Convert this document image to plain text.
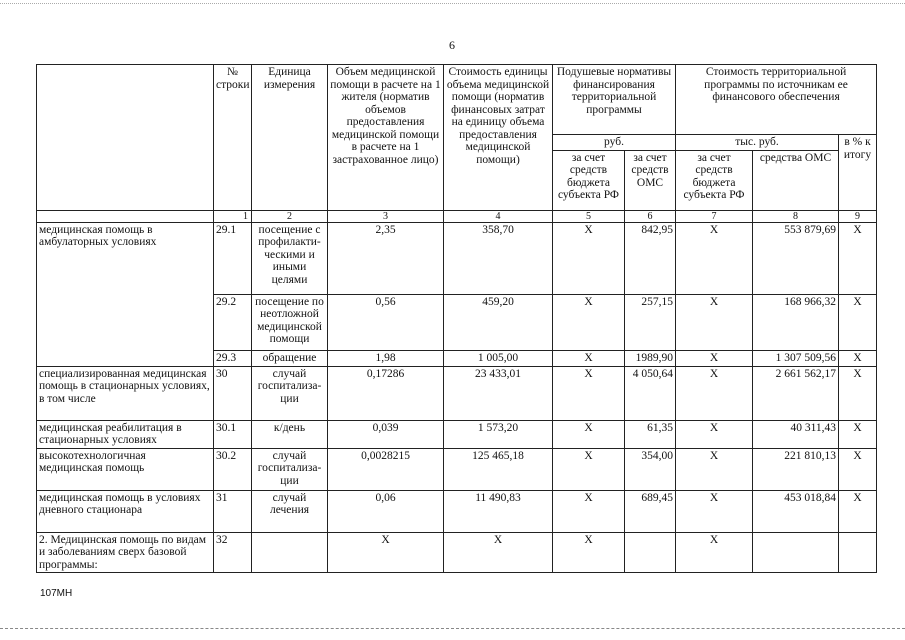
6
	№ строки	Единица измерения	Объем медицинской помощи в расчете на 1 жителя (норматив объемов предоставления медицинской помощи в расчете на 1 застрахованное лицо)	Стоимость единицы объема медицинской помощи (норматив финансовых затрат на единицу объема предоставления медицинской помощи)	Подушевые нормативы финансирования территориальной программы		Стоимость территориальной программы по источникам ее финансового обеспечения		
					руб.		тыс. руб.		в % к итогу
					за счет средств бюджета субъекта РФ	за счет средств ОМС	за счет средств бюджета субъекта РФ	средства ОМС	
	1	2	3	4	5	6	7	8	9
медицинская помощь в амбулаторных условиях	29.1	посещение с профилакти-ческими и иными целями	2,35	358,70	Х	842,95	Х	553 879,69	Х
	29.2	посещение по неотложной медицинской помощи	0,56	459,20	Х	257,15	Х	168 966,32	Х
	29.3	обращение	1,98	1 005,00	Х	1989,90	Х	1 307 509,56	Х
специализированная медицинская помощь в стационарных условиях, в том числе	30	случай госпитализа-ции	0,17286	23 433,01	Х	4 050,64	Х	2 661 562,17	Х
медицинская реабилитация в стационарных условиях	30.1	к/день	0,039	1 573,20	Х	61,35	Х	40 311,43	Х
высокотехнологичная медицинская помощь	30.2	случай госпитализа-ции	0,0028215	125 465,18	Х	354,00	Х	221 810,13	Х
медицинская помощь в условиях дневного стационара	31	случай лечения	0,06	11 490,83	Х	689,45	Х	453 018,84	Х
2. Медицинская помощь по видам и заболеваниям сверх базовой программы:	32		Х	Х	Х		Х		
107МН
